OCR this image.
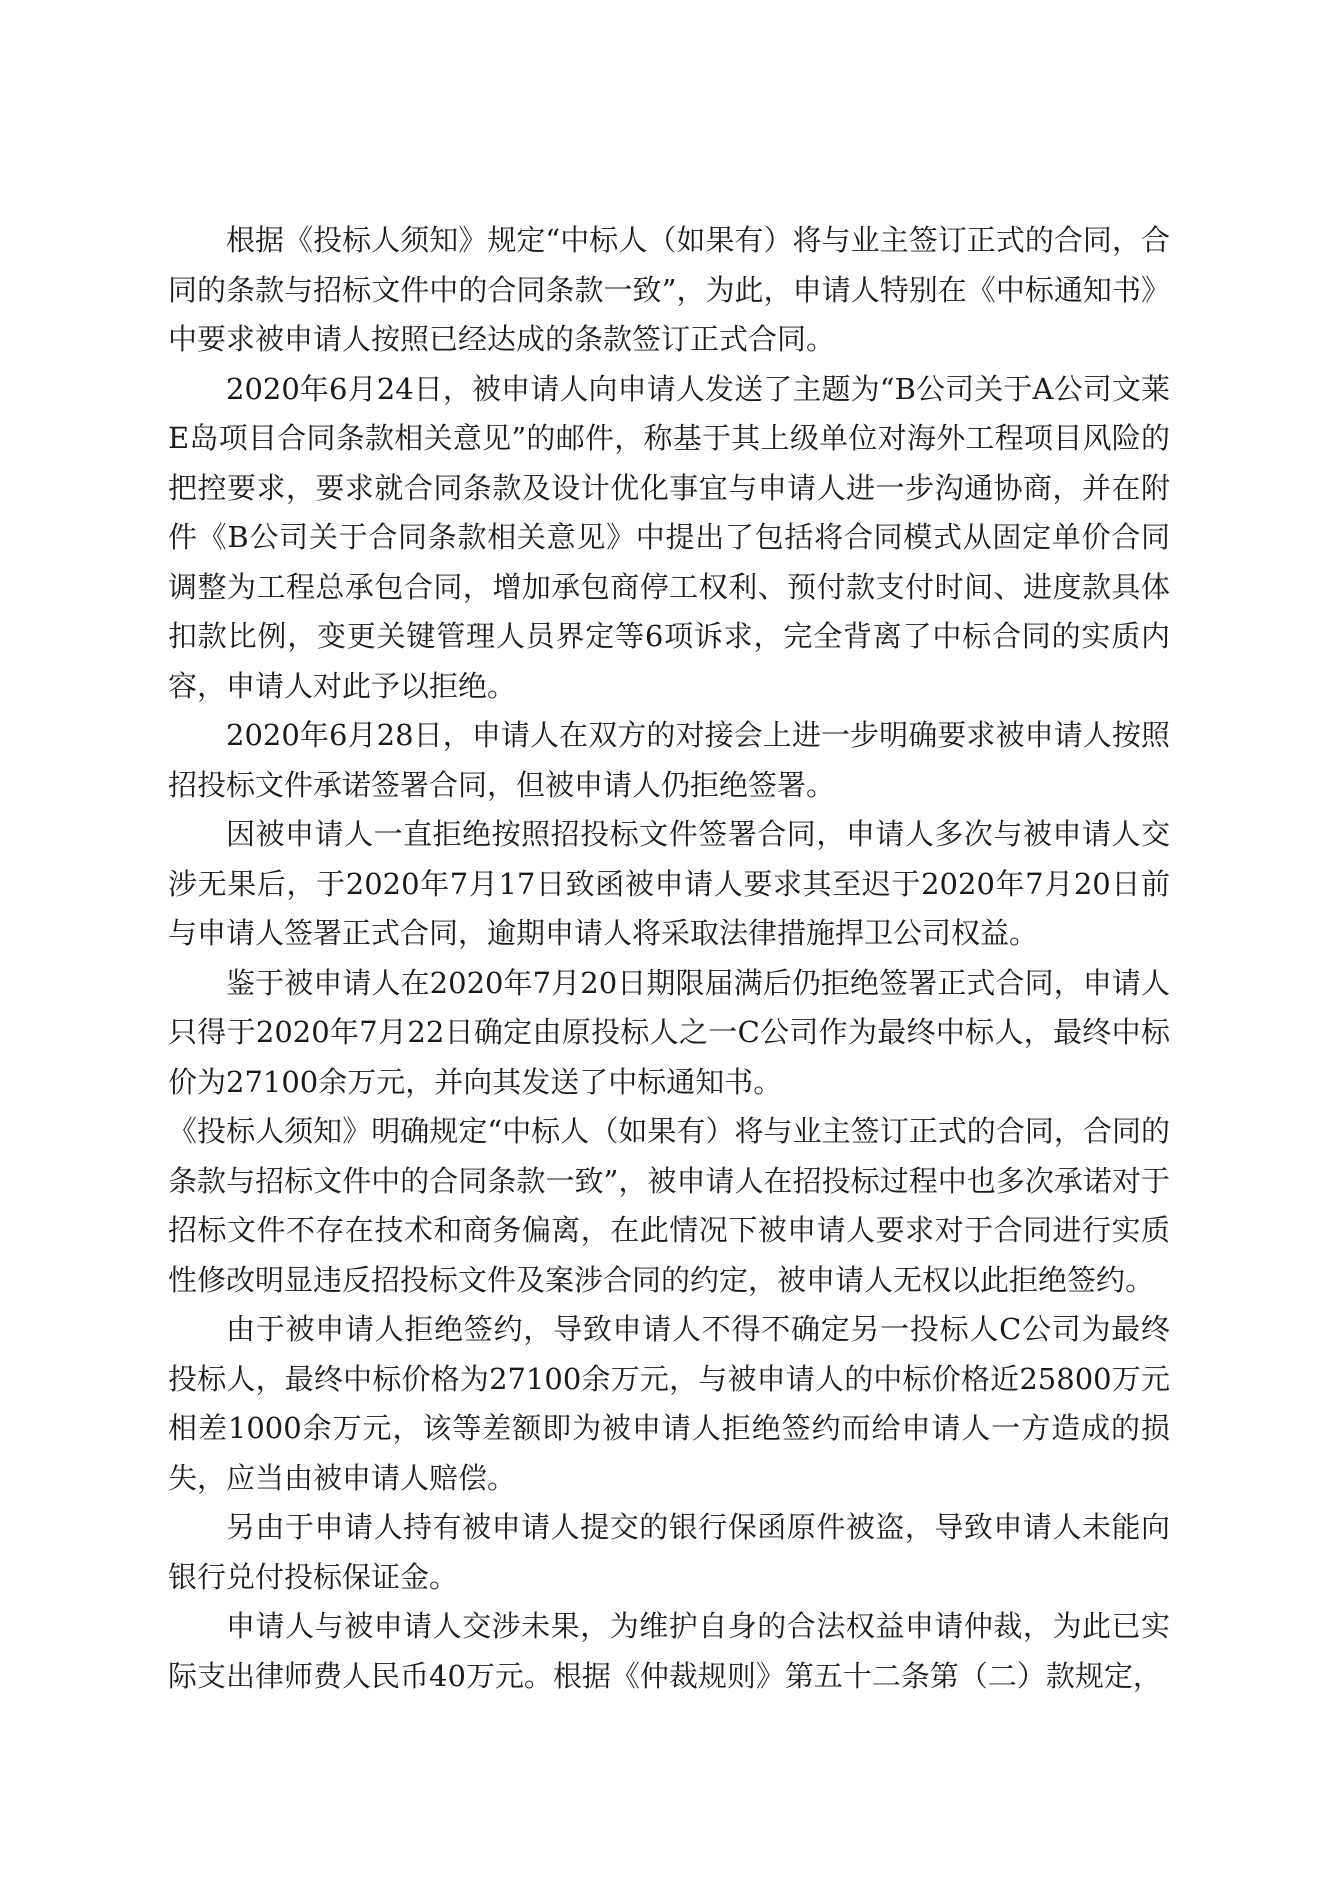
根据《投标人须知》规定“中标人（如果有）将与业主签订正式的合同，合同的条款与招标文件中的合同条款一致”，为此，申请人特别在《中标通知书》中要求被申请人按照已经达成的条款签订正式合同。

2020年6月24日，被申请人向申请人发送了主题为“B公司关于A公司文莱E岛项目合同条款相关意见”的邮件，称基于其上级单位对海外工程项目风险的把控要求，要求就合同条款及设计优化事宜与申请人进一步沟通协商，并在附件《B公司关于合同条款相关意见》中提出了包括将合同模式从固定单价合同调整为工程总承包合同，增加承包商停工权利、预付款支付时间、进度款具体扣款比例，变更关键管理人员界定等6项诉求，完全背离了中标合同的实质内容，申请人对此予以拒绝。

2020年6月28日，申请人在双方的对接会上进一步明确要求被申请人按照招投标文件承诺签署合同，但被申请人仍拒绝签署。

因被申请人一直拒绝按照招投标文件签署合同，申请人多次与被申请人交涉无果后，于2020年7月17日致函被申请人要求其至迟于2020年7月20日前与申请人签署正式合同，逾期申请人将采取法律措施捍卫公司权益。

鉴于被申请人在2020年7月20日期限届满后仍拒绝签署正式合同，申请人只得于2020年7月22日确定由原投标人之一C公司作为最终中标人，最终中标价为27100余万元，并向其发送了中标通知书。

《投标人须知》明确规定“中标人（如果有）将与业主签订正式的合同，合同的条款与招标文件中的合同条款一致”，被申请人在招投标过程中也多次承诺对于招标文件不存在技术和商务偏离，在此情况下被申请人要求对于合同进行实质性修改明显违反招投标文件及案涉合同的约定，被申请人无权以此拒绝签约。

由于被申请人拒绝签约，导致申请人不得不确定另一投标人C公司为最终投标人，最终中标价格为27100余万元，与被申请人的中标价格近25800万元相差1000余万元，该等差额即为被申请人拒绝签约而给申请人一方造成的损失，应当由被申请人赔偿。

另由于申请人持有被申请人提交的银行保函原件被盗，导致申请人未能向银行兑付投标保证金。

申请人与被申请人交涉未果，为维护自身的合法权益申请仲裁，为此已实际支出律师费人民币40万元。根据《仲裁规则》第五十二条第（二）款规定，
